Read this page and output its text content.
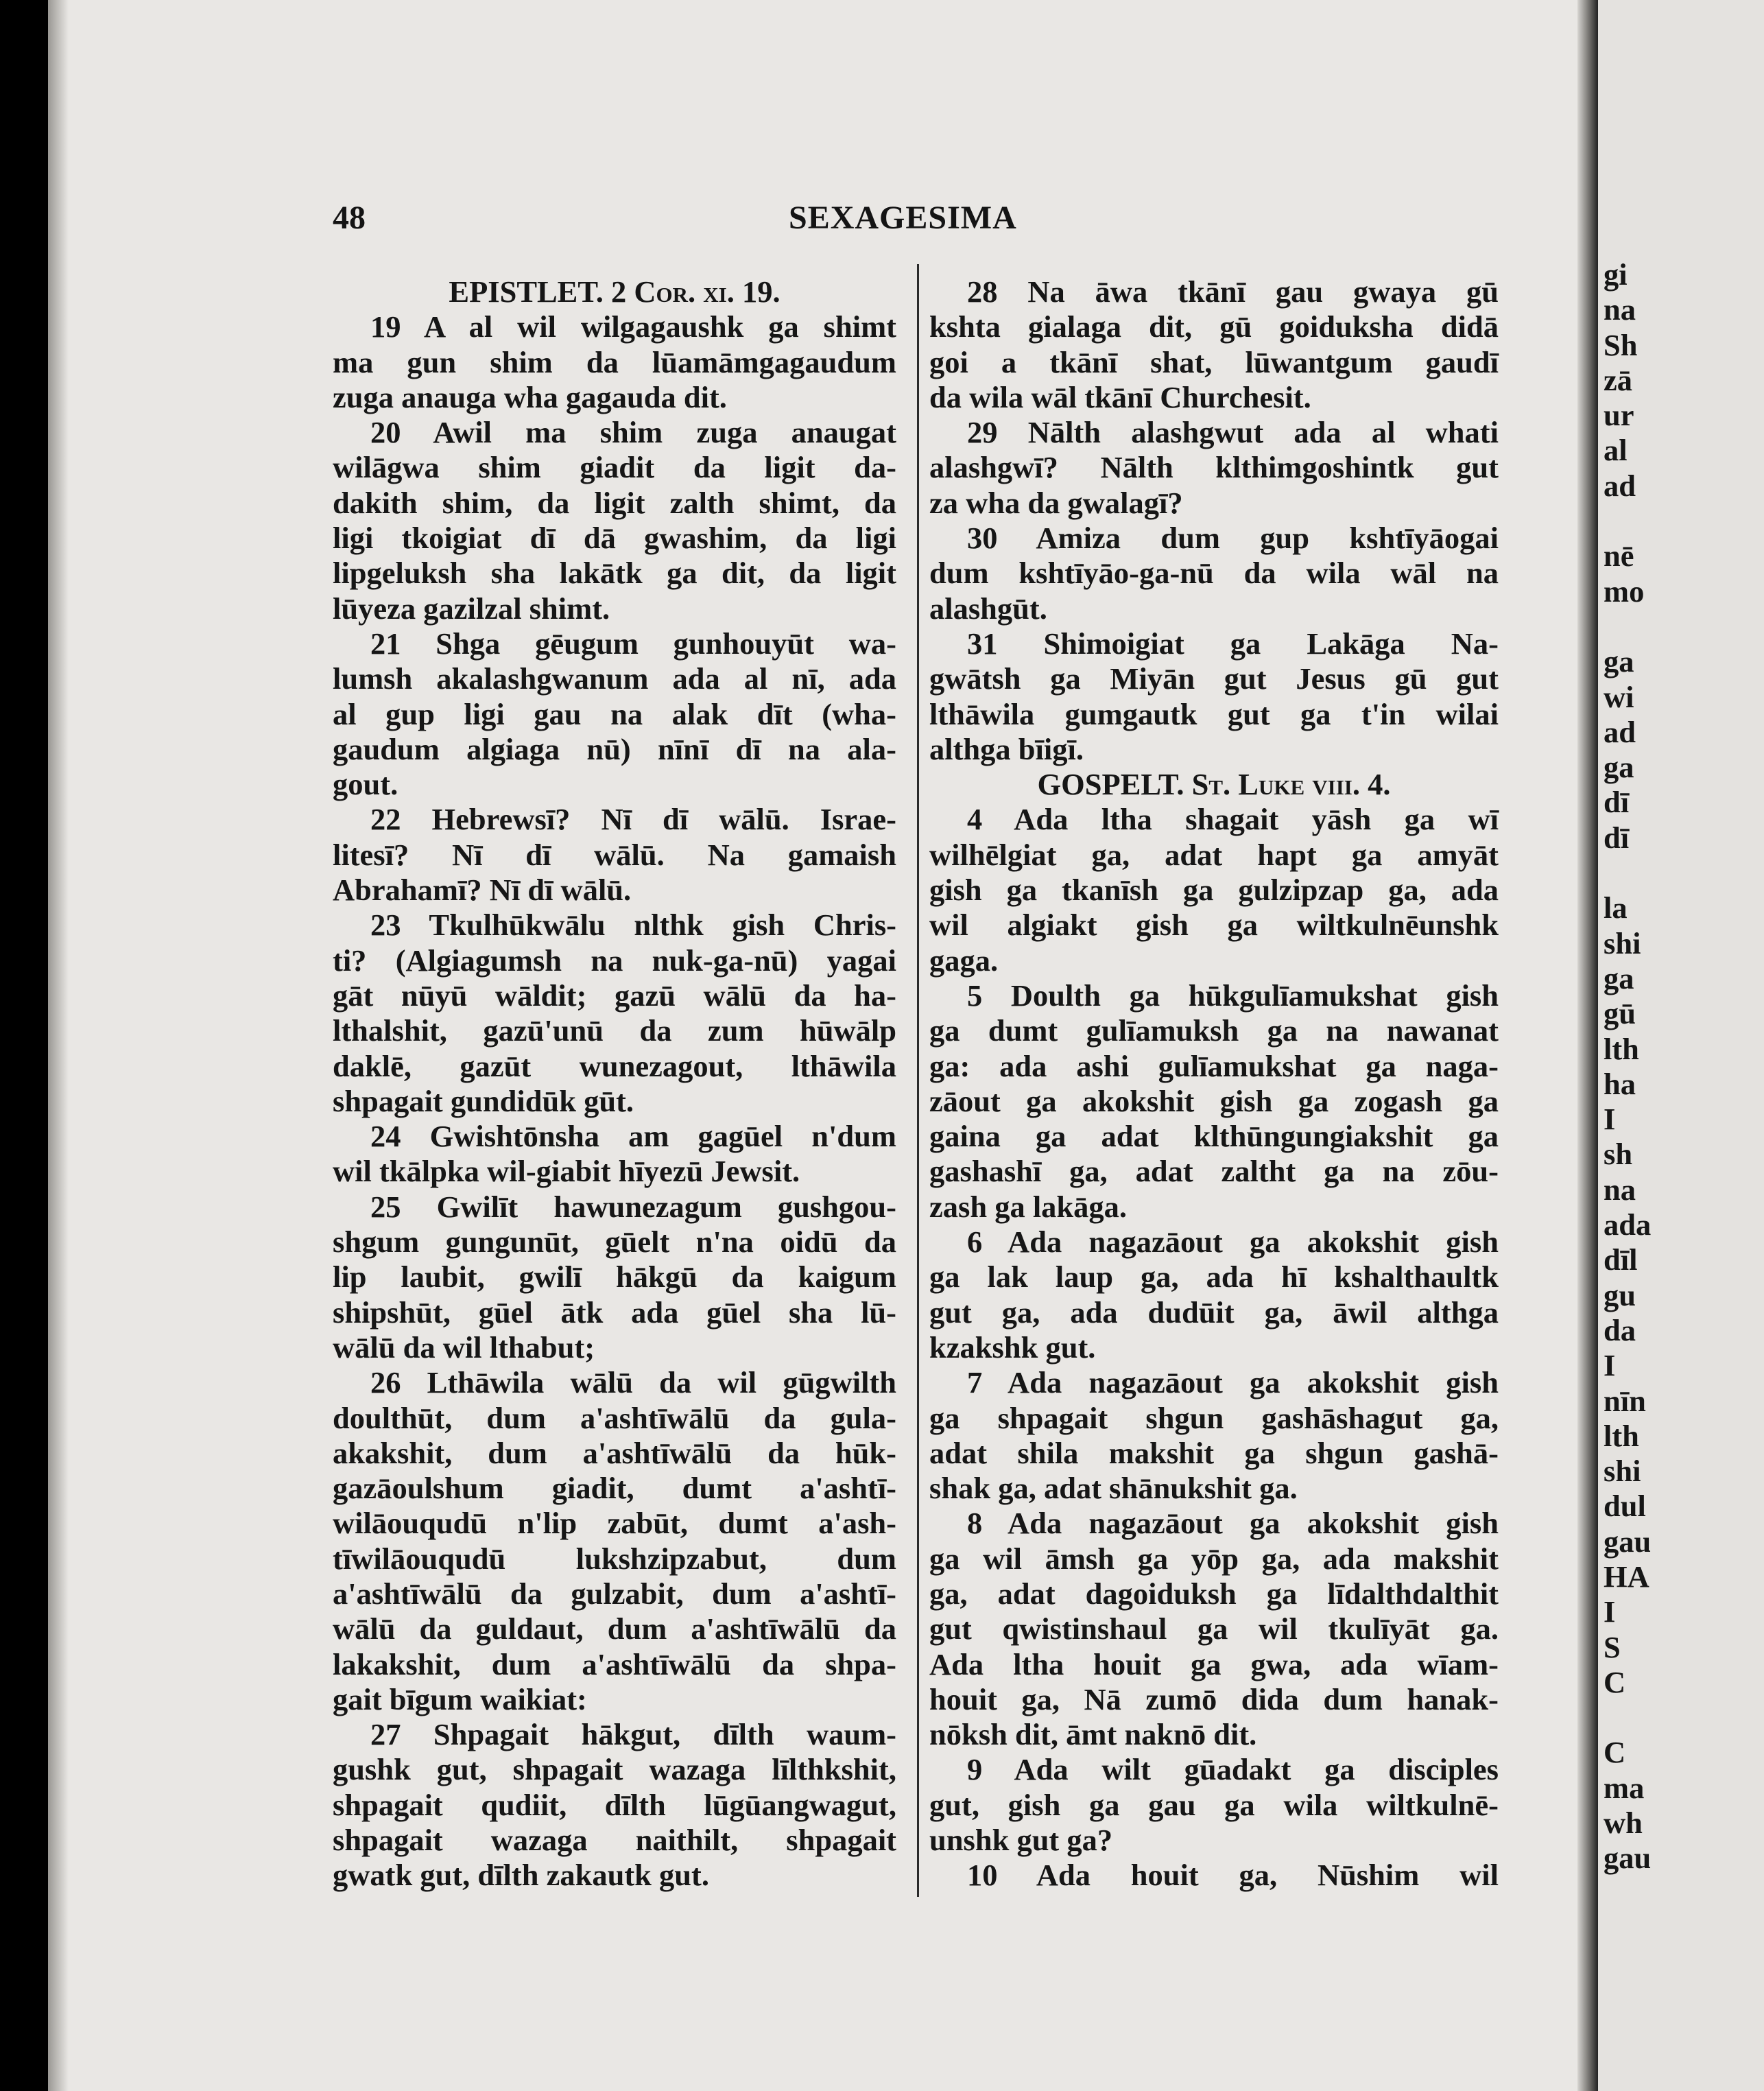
48	SEXAGESIMA
EPISTLET. 2 Cor. xi. 19.
19 A al wil wilgagaushk ga shimt
ma gun shim da lūamāmgagaudum
zuga anauga wha gagauda dit.
20 Awil ma shim zuga anaugat
wilāgwa shim giadit da ligit da-
dakith shim, da ligit zalth shimt, da
ligi tkoigiat dī dā gwashim, da ligi
lipgeluksh sha lakātk ga dit, da ligit
lūyeza gazilzal shimt.
21 Shga gēugum gunhouyūt wa-
lumsh akalashgwanum ada al nī, ada
al gup ligi gau na alak dīt (wha-
gaudum algiaga nū) nīnī dī na ala-
gout.
22 Hebrewsī? Nī dī wālū. Israe-
litesī? Nī dī wālū. Na gamaish
Abrahamī? Nī dī wālū.
23 Tkulhūkwālu nlthk gish Chris-
ti? (Algiagumsh na nuk-ga-nū) yagai
gāt nūyū wāldit; gazū wālū da ha-
lthalshit, gazū'unū da zum hūwālp
daklē, gazūt wunezagout, lthāwila
shpagait gundidūk gūt.
24 Gwishtōnsha am gagūel n'dum
wil tkālpka wil-giabit hīyezū Jewsit.
25 Gwilīt hawunezagum gushgou-
shgum gungunūt, gūelt n'na oidū da
lip laubit, gwilī hākgū da kaigum
shipshūt, gūel ātk ada gūel sha lū-
wālū da wil lthabut;
26 Lthāwila wālū da wil gūgwilth
doulthūt, dum a'ashtīwālū da gula-
akakshit, dum a'ashtīwālū da hūk-
gazāoulshum giadit, dumt a'ashtī-
wilāouqudū n'lip zabūt, dumt a'ash-
tīwilāouqudū lukshzipzabut, dum
a'ashtīwālū da gulzabit, dum a'ashtī-
wālū da guldaut, dum a'ashtīwālū da
lakakshit, dum a'ashtīwālū da shpa-
gait bīgum waikiat:
27 Shpagait hākgut, dīlth waum-
gushk gut, shpagait wazaga līlthkshit,
shpagait qudiit, dīlth lūgūangwagut,
shpagait wazaga naithilt, shpagait
gwatk gut, dīlth zakautk gut.
28 Na āwa tkānī gau gwaya gū
kshta gialaga dit, gū goiduksha didā
goi a tkānī shat, lūwantgum gaudī
da wila wāl tkānī Churchesit.
29 Nālth alashgwut ada al whati
alashgwī? Nālth klthimgoshintk gut
za wha da gwalagī?
30 Amiza dum gup kshtīyāogai
dum kshtīyāo-ga-nū da wila wāl na
alashgūt.
31 Shimoigiat ga Lakāga Na-
gwātsh ga Miyān gut Jesus gū gut
lthāwila gumgautk gut ga t'in wilai
althga bīigī.
GOSPELT. St. Luke viii. 4.
4 Ada ltha shagait yāsh ga wī
wilhēlgiat ga, adat hapt ga amyāt
gish ga tkanīsh ga gulzipzap ga, ada
wil algiakt gish ga wiltkulnēunshk
gaga.
5 Doulth ga hūkgulīamukshat gish
ga dumt gulīamuksh ga na nawanat
ga: ada ashi gulīamukshat ga naga-
zāout ga akokshit gish ga zogash ga
gaina ga adat klthūngungiakshit ga
gashashī ga, adat zaltht ga na zōu-
zash ga lakāga.
6 Ada nagazāout ga akokshit gish
ga lak laup ga, ada hī kshalthaultk
gut ga, ada dudūit ga, āwil althga
kzakshk gut.
7 Ada nagazāout ga akokshit gish
ga shpagait shgun gashāshagut ga,
adat shila makshit ga shgun gashā-
shak ga, adat shānukshit ga.
8 Ada nagazāout ga akokshit gish
ga wil āmsh ga yōp ga, ada makshit
ga, adat dagoiduksh ga līdalthdalthit
gut qwistinshaul ga wil tkulīyāt ga.
Ada ltha houit ga gwa, ada wīam-
houit ga, Nā zumō dida dum hanak-
nōksh dit, āmt naknō dit.
9 Ada wilt gūadakt ga disciples
gut, gish ga gau ga wila wiltkulnē-
unshk gut ga?
10 Ada houit ga, Nūshim wil
gi
na
Sh
zā
ur
al
ad
nē
mo
ga
wi
ad
ga
dī
dī
la
shi
ga
gū
lth
ha
I
sh
na
ada
dīl
gu
da
I
nīn
lth
shi
dul
gau
HA
I
S
C
C
ma
wh
gau
